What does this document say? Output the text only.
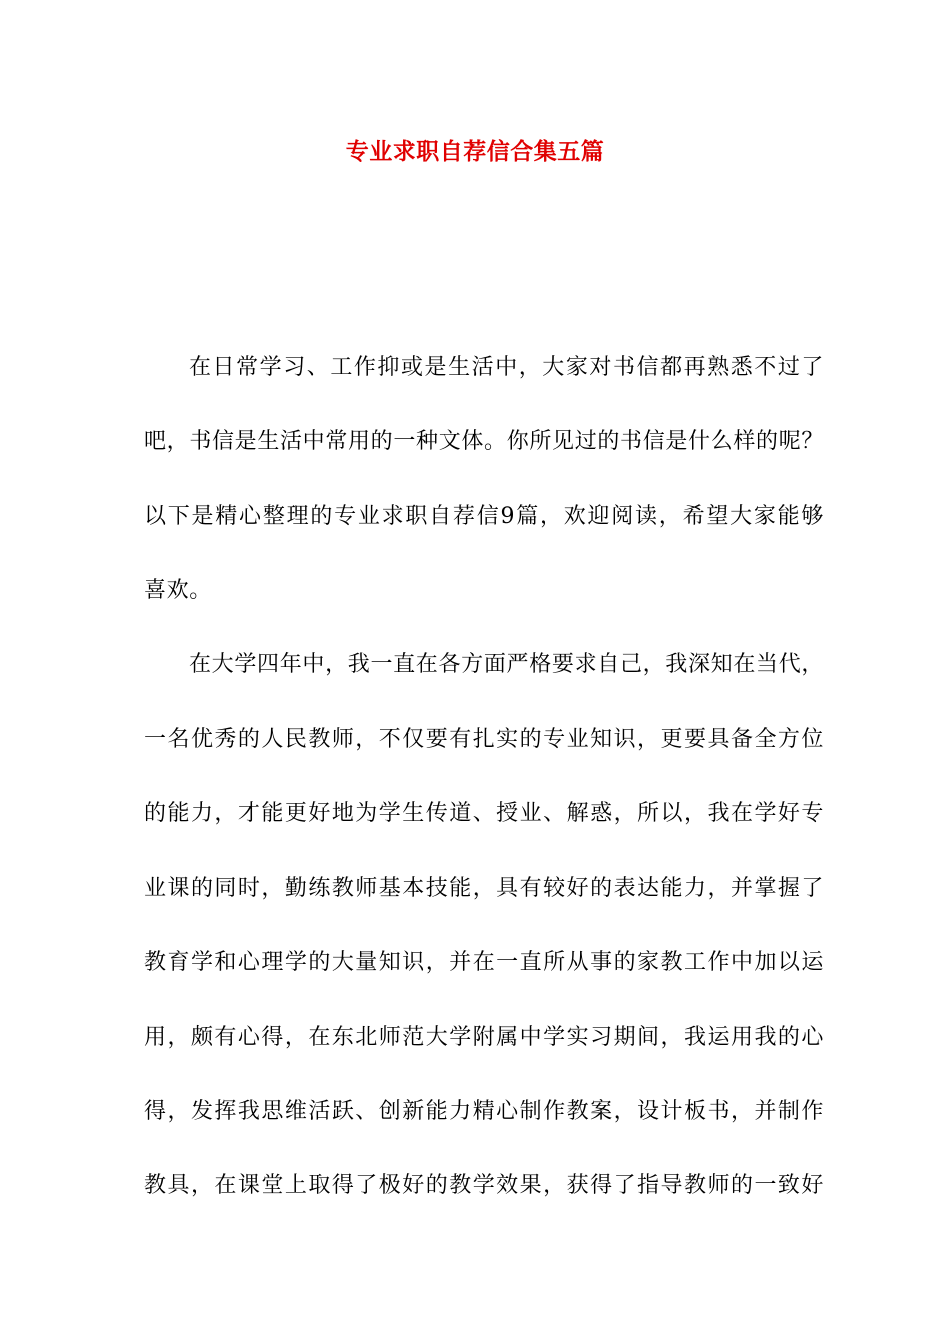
专业求职自荐信合集五篇
在日常学习、工作抑或是生活中，大家对书信都再熟悉不过了
吧，书信是生活中常用的一种文体。你所见过的书信是什么样的呢？
以下是精心整理的专业求职自荐信9篇，欢迎阅读，希望大家能够
喜欢。
在大学四年中，我一直在各方面严格要求自己，我深知在当代，
一名优秀的人民教师，不仅要有扎实的专业知识，更要具备全方位
的能力，才能更好地为学生传道、授业、解惑，所以，我在学好专
业课的同时，勤练教师基本技能，具有较好的表达能力，并掌握了
教育学和心理学的大量知识，并在一直所从事的家教工作中加以运
用，颇有心得，在东北师范大学附属中学实习期间，我运用我的心
得，发挥我思维活跃、创新能力精心制作教案，设计板书，并制作
教具，在课堂上取得了极好的教学效果，获得了指导教师的一致好
